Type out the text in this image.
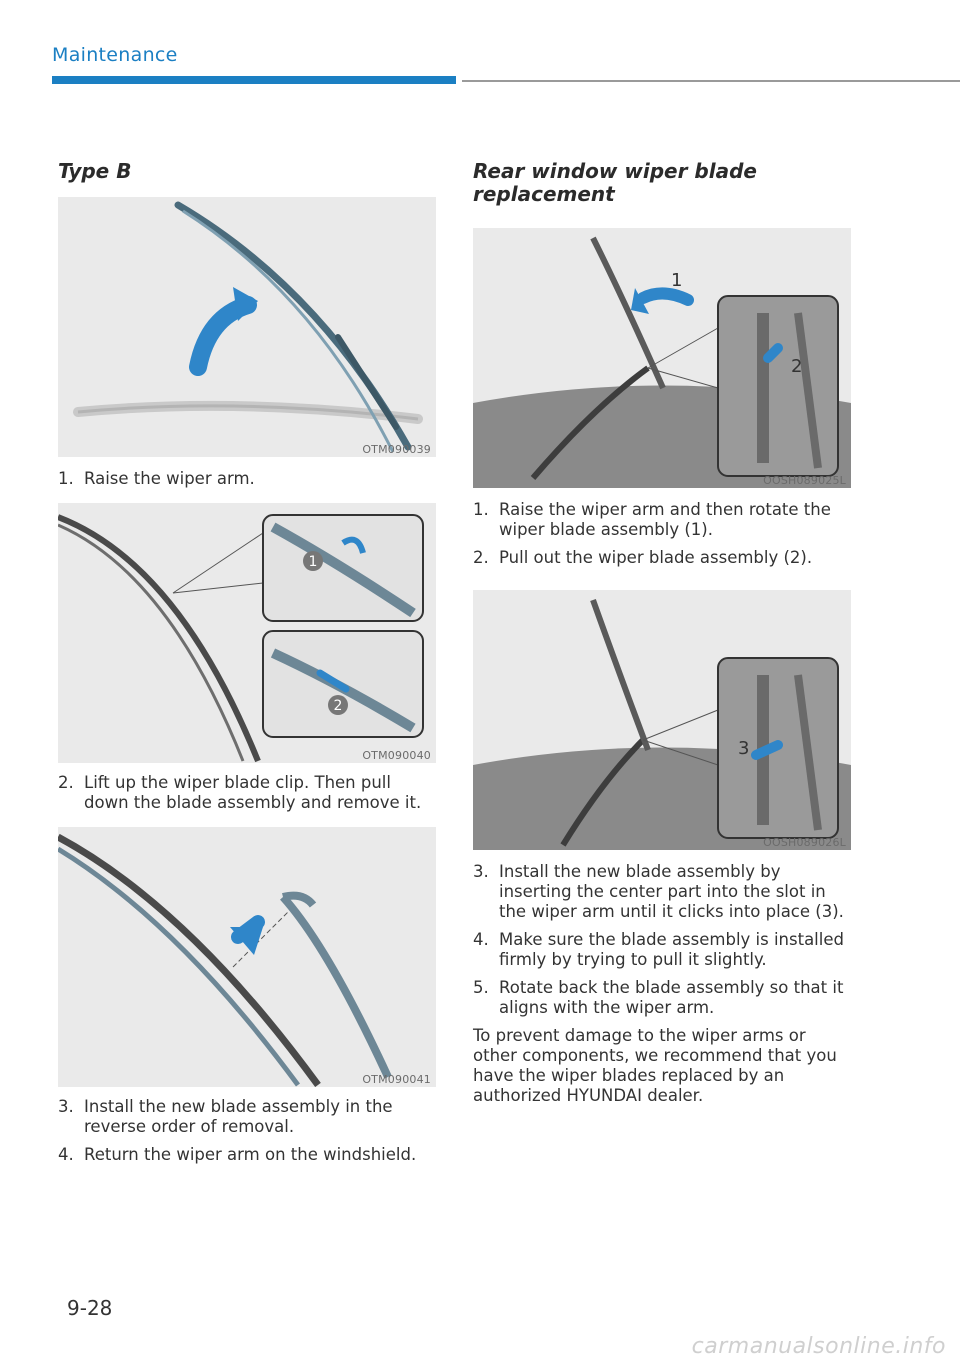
Maintenance
Type B
OTM090039
1. Raise the wiper arm.
1
2
OTM090040
2. Lift up the wiper blade clip. Then pull down the blade assembly and remove it.
OTM090041
3. Install the new blade assembly in the reverse order of removal.
4. Return the wiper arm on the windshield.
Rear window wiper blade
replacement
1
2
OOSH089025L
1. Raise the wiper arm and then rotate the wiper blade assembly (1).
2. Pull out the wiper blade assembly (2).
3
OOSH089026L
3. Install the new blade assembly by inserting the center part into the slot in the wiper arm until it clicks into place (3).
4. Make sure the blade assembly is installed firmly by trying to pull it slightly.
5. Rotate back the blade assembly so that it aligns with the wiper arm.

To prevent damage to the wiper arms or other components, we recommend that you have the wiper blades replaced by an authorized HYUNDAI dealer.

9-28
carmanualsonline.info
